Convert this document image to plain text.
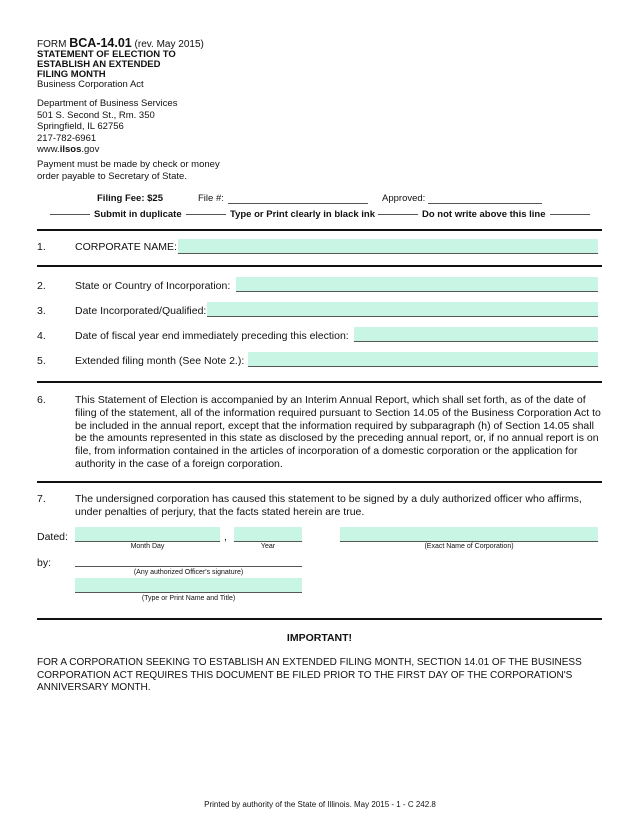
FORM BCA-14.01 (rev. May 2015)
STATEMENT OF ELECTION TO
ESTABLISH AN EXTENDED
FILING MONTH
Business Corporation Act
Department of Business Services
501 S. Second St., Rm. 350
Springfield, IL 62756
217-782-6961
www.ilsos.gov
Payment must be made by check or money
order payable to Secretary of State.
Filing Fee: $25	File #:	Approved:
Submit in duplicate	Type or Print clearly in black ink	Do not write above this line
1.	CORPORATE NAME:
2.	State or Country of Incorporation:
3.	Date Incorporated/Qualified:
4.	Date of fiscal year end immediately preceding this election:
5.	Extended filing month (See Note 2.):
6.	This Statement of Election is accompanied by an Interim Annual Report, which shall set forth, as of the date of filing of the statement, all of the information required pursuant to Section 14.05 of the Business Corporation Act to be included in the annual report, except that the information required by subparagraph (h) of Section 14.05 shall be the amounts represented in this state as disclosed by the preceding annual report, or, if no annual report is on file, from information contained in the articles of incorporation of a domestic corporation or the application for authority in the case of a foreign corporation.
7.	The undersigned corporation has caused this statement to be signed by a duly authorized officer who affirms, under penalties of perjury, that the facts stated herein are true.
Dated:	,
Month Day	Year	(Exact Name of Corporation)
by:
(Any authorized Officer's signature)
(Type or Print Name and Title)
IMPORTANT!
FOR A CORPORATION SEEKING TO ESTABLISH AN EXTENDED FILING MONTH, SECTION 14.01 OF THE BUSINESS CORPORATION ACT REQUIRES THIS DOCUMENT BE FILED PRIOR TO THE FIRST DAY OF THE CORPORATION'S ANNIVERSARY MONTH.
Printed by authority of the State of Illinois. May 2015 - 1 - C 242.8
